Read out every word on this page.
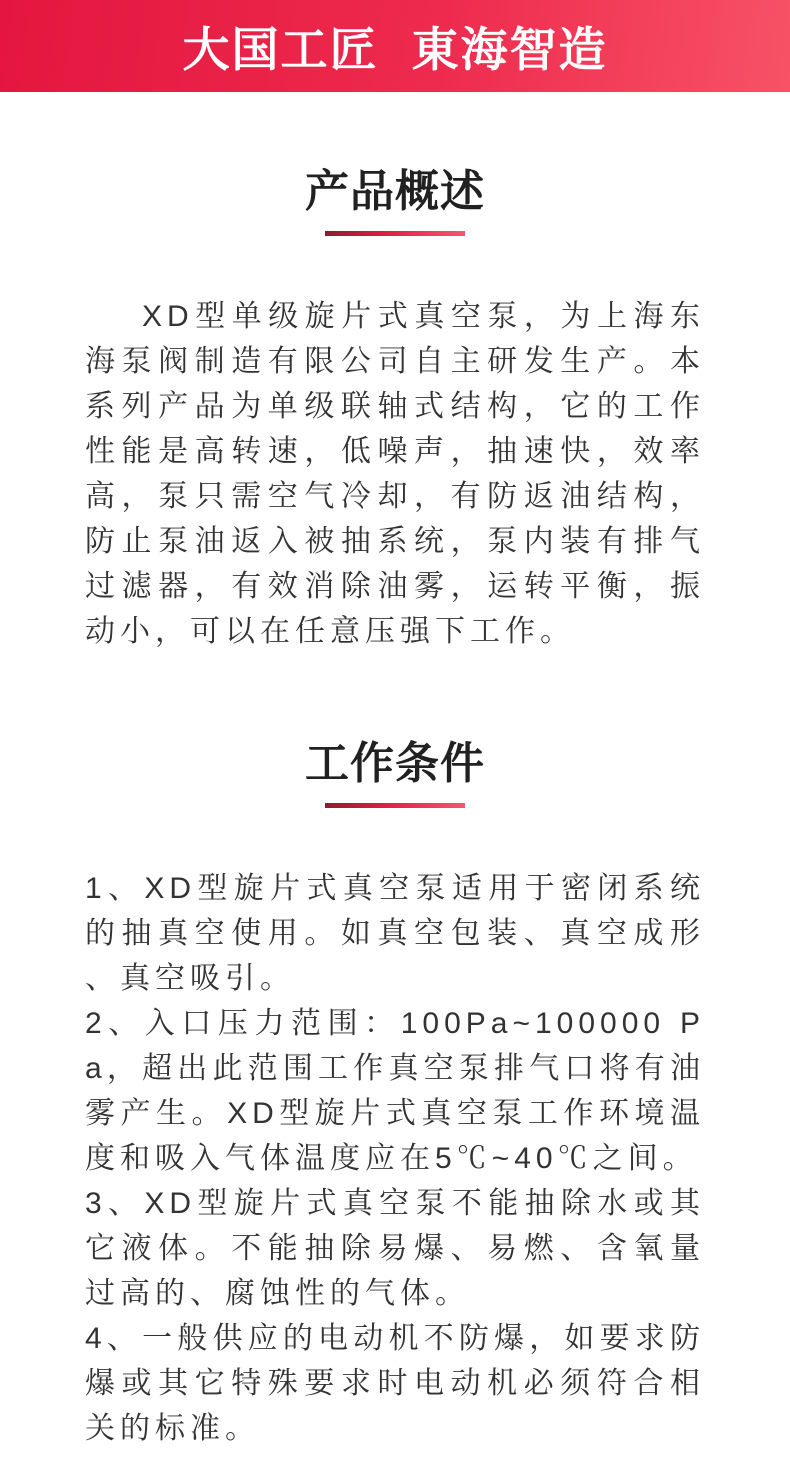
大国工匠 東海智造
产品概述

XD型单级旋片式真空泵，为上海东海泵阀制造有限公司自主研发生产。本系列产品为单级联轴式结构，它的工作性能是高转速，低噪声，抽速快，效率高，泵只需空气冷却，有防返油结构，防止泵油返入被抽系统，泵内装有排气过滤器，有效消除油雾，运转平衡，振动小，可以在任意压强下工作。

工作条件

1、XD型旋片式真空泵适用于密闭系统的抽真空使用。如真空包装、真空成形、真空吸引。

2、入口压力范围：100Pa~100000 Pa，超出此范围工作真空泵排气口将有油雾产生。XD型旋片式真空泵工作环境温度和吸入气体温度应在5℃~40℃之间。

3、XD型旋片式真空泵不能抽除水或其它液体。不能抽除易爆、易燃、含氧量过高的、腐蚀性的气体。

4、一般供应的电动机不防爆，如要求防爆或其它特殊要求时电动机必须符合相关的标准。
